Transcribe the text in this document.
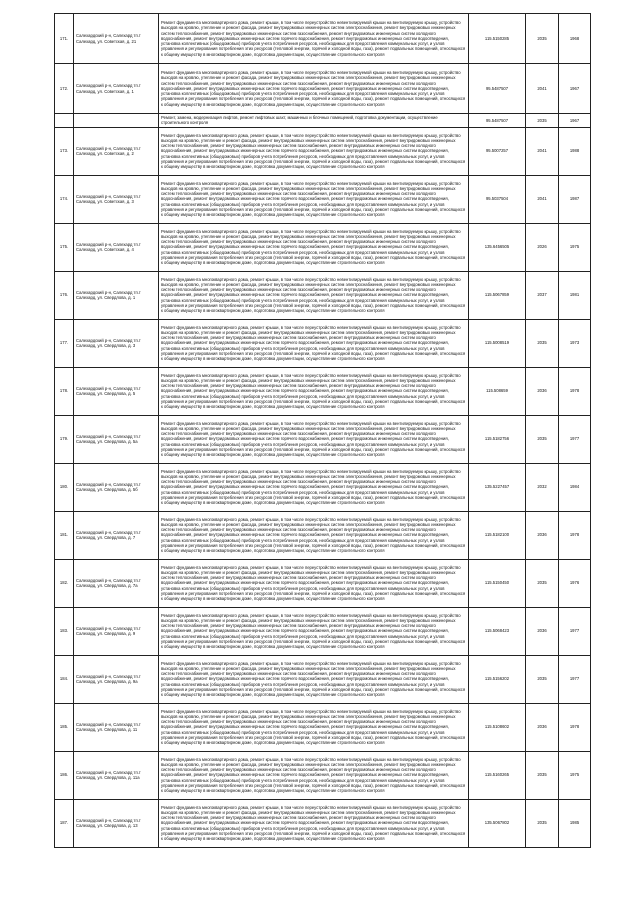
171.	Салехардский р-н, Салехард тп.т Салехард, ул. Советская, д. 21	Ремонт фундамента многоквартирного дома, ремонт крыши, в том числе переустройство невентилируемой крыши на вентилируемую крышу, устройство выходов на кровлю, утепление и ремонт фасада, ремонт внутридомовых инженерных систем электроснабжения, ремонт внутридомовых инженерных систем теплоснабжения, ремонт внутридомовых инженерных систем газоснабжения, ремонт внутридомовых инженерных систем холодного водоснабжения, ремонт внутридомовых инженерных систем горячего водоснабжения, ремонт внутридомовых инженерных систем водоотведения, установка коллективных (общедомовых) приборов учета потребления ресурсов, необходимых для предоставления коммунальных услуг, и узлов управления и регулирования потребления этих ресурсов (тепловой энергии, горячей и холодной воды, газа), ремонт подвальных помещений, относящихся к общему имуществу в многоквартирном доме, подготовка документации, осуществление строительного контроля	115.5150285	2035	1968
172.	Салехардский р-н, Салехард тп.т Салехард, ул. Советская, д. 1	Ремонт фундамента многоквартирного дома, ремонт крыши, в том числе переустройство невентилируемой крыши на вентилируемую крышу, устройство выходов на кровлю, утепление и ремонт фасада, ремонт внутридомовых инженерных систем электроснабжения, ремонт внутридомовых инженерных систем теплоснабжения, ремонт внутридомовых инженерных систем газоснабжения, ремонт внутридомовых инженерных систем холодного водоснабжения, ремонт внутридомовых инженерных систем горячего водоснабжения, ремонт внутридомовых инженерных систем водоотведения, установка коллективных (общедомовых) приборов учета потребления ресурсов, необходимых для предоставления коммунальных услуг, и узлов управления и регулирования потребления этих ресурсов (тепловой энергии, горячей и холодной воды, газа), ремонт подвальных помещений, относящихся к общему имуществу в многоквартирном доме, подготовка документации, осуществление строительного контроля	95.5487507	2041	1967
		Ремонт, замена, модернизация лифтов, ремонт лифтовых шахт, машинных и блочных помещений, подготовка документации, осуществление строительного контроля	95.5487507	2035	1967
173.	Салехардский р-н, Салехард тп.т Салехард, ул. Советская, д. 2	Ремонт фундамента многоквартирного дома, ремонт крыши, в том числе переустройство невентилируемой крыши на вентилируемую крышу, устройство выходов на кровлю, утепление и ремонт фасада, ремонт внутридомовых инженерных систем электроснабжения, ремонт внутридомовых инженерных систем теплоснабжения, ремонт внутридомовых инженерных систем газоснабжения, ремонт внутридомовых инженерных систем холодного водоснабжения, ремонт внутридомовых инженерных систем горячего водоснабжения, ремонт внутридомовых инженерных систем водоотведения, установка коллективных (общедомовых) приборов учета потребления ресурсов, необходимых для предоставления коммунальных услуг, и узлов управления и регулирования потребления этих ресурсов (тепловой энергии, горячей и холодной воды, газа), ремонт подвальных помещений, относящихся к общему имуществу в многоквартирном доме, подготовка документации, осуществление строительного контроля	95.5007257	2041	1988
174.	Салехардский р-н, Салехард тп.т Салехард, ул. Советская, д. 3	Ремонт фундамента многоквартирного дома, ремонт крыши, в том числе переустройство невентилируемой крыши на вентилируемую крышу, устройство выходов на кровлю, утепление и ремонт фасада, ремонт внутридомовых инженерных систем электроснабжения, ремонт внутридомовых инженерных систем теплоснабжения, ремонт внутридомовых инженерных систем газоснабжения, ремонт внутридомовых инженерных систем холодного водоснабжения, ремонт внутридомовых инженерных систем горячего водоснабжения, ремонт внутридомовых инженерных систем водоотведения, установка коллективных (общедомовых) приборов учета потребления ресурсов, необходимых для предоставления коммунальных услуг, и узлов управления и регулирования потребления этих ресурсов (тепловой энергии, горячей и холодной воды, газа), ремонт подвальных помещений, относящихся к общему имуществу в многоквартирном доме, подготовка документации, осуществление строительного контроля	95.5037504	2041	1987
175.	Салехардский р-н, Салехард тп.т Салехард, ул. Советская, д. 4	Ремонт фундамента многоквартирного дома, ремонт крыши, в том числе переустройство невентилируемой крыши на вентилируемую крышу, устройство выходов на кровлю, утепление и ремонт фасада, ремонт внутридомовых инженерных систем электроснабжения, ремонт внутридомовых инженерных систем теплоснабжения, ремонт внутридомовых инженерных систем газоснабжения, ремонт внутридомовых инженерных систем холодного водоснабжения, ремонт внутридомовых инженерных систем горячего водоснабжения, ремонт внутридомовых инженерных систем водоотведения, установка коллективных (общедомовых) приборов учета потребления ресурсов, необходимых для предоставления коммунальных услуг, и узлов управления и регулирования потребления этих ресурсов (тепловой энергии, горячей и холодной воды, газа), ремонт подвальных помещений, относящихся к общему имуществу в многоквартирном доме, подготовка документации, осуществление строительного контроля	135.6456505	2026	1975
176.	Салехардский р-н, Салехард тп.т Салехард, ул. Свердлова, д. 1	Ремонт фундамента многоквартирного дома, ремонт крыши, в том числе переустройство невентилируемой крыши на вентилируемую крышу, устройство выходов на кровлю, утепление и ремонт фасада, ремонт внутридомовых инженерных систем электроснабжения, ремонт внутридомовых инженерных систем теплоснабжения, ремонт внутридомовых инженерных систем газоснабжения, ремонт внутридомовых инженерных систем холодного водоснабжения, ремонт внутридомовых инженерных систем горячего водоснабжения, ремонт внутридомовых инженерных систем водоотведения, установка коллективных (общедомовых) приборов учета потребления ресурсов, необходимых для предоставления коммунальных услуг, и узлов управления и регулирования потребления этих ресурсов (тепловой энергии, горячей и холодной воды, газа), ремонт подвальных помещений, относящихся к общему имуществу в многоквартирном доме, подготовка документации, осуществление строительного контроля	115.5067859	2037	1981
177.	Салехардский р-н, Салехард тп.т Салехард, ул. Свердлова, д. 3	Ремонт фундамента многоквартирного дома, ремонт крыши, в том числе переустройство невентилируемой крыши на вентилируемую крышу, устройство выходов на кровлю, утепление и ремонт фасада, ремонт внутридомовых инженерных систем электроснабжения, ремонт внутридомовых инженерных систем теплоснабжения, ремонт внутридомовых инженерных систем газоснабжения, ремонт внутридомовых инженерных систем холодного водоснабжения, ремонт внутридомовых инженерных систем горячего водоснабжения, ремонт внутридомовых инженерных систем водоотведения, установка коллективных (общедомовых) приборов учета потребления ресурсов, необходимых для предоставления коммунальных услуг, и узлов управления и регулирования потребления этих ресурсов (тепловой энергии, горячей и холодной воды, газа), ремонт подвальных помещений, относящихся к общему имуществу в многоквартирном доме, подготовка документации, осуществление строительного контроля	115.5008519	2035	1973
178.	Салехардский р-н, Салехард тп.т Салехард, ул. Свердлова, д. 5	Ремонт фундамента многоквартирного дома, ремонт крыши, в том числе переустройство невентилируемой крыши на вентилируемую крышу, устройство выходов на кровлю, утепление и ремонт фасада, ремонт внутридомовых инженерных систем электроснабжения, ремонт внутридомовых инженерных систем теплоснабжения, ремонт внутридомовых инженерных систем газоснабжения, ремонт внутридомовых инженерных систем холодного водоснабжения, ремонт внутридомовых инженерных систем горячего водоснабжения, ремонт внутридомовых инженерных систем водоотведения, установка коллективных (общедомовых) приборов учета потребления ресурсов, необходимых для предоставления коммунальных услуг, и узлов управления и регулирования потребления этих ресурсов (тепловой энергии, горячей и холодной воды, газа), ремонт подвальных помещений, относящихся к общему имуществу в многоквартирном доме, подготовка документации, осуществление строительного контроля	115.508659	2036	1978
179.	Салехардский р-н, Салехард тп.т Салехард, ул. Свердлова, д. 5а	Ремонт фундамента многоквартирного дома, ремонт крыши, в том числе переустройство невентилируемой крыши на вентилируемую крышу, устройство выходов на кровлю, утепление и ремонт фасада, ремонт внутридомовых инженерных систем электроснабжения, ремонт внутридомовых инженерных систем теплоснабжения, ремонт внутридомовых инженерных систем газоснабжения, ремонт внутридомовых инженерных систем холодного водоснабжения, ремонт внутридомовых инженерных систем горячего водоснабжения, ремонт внутридомовых инженерных систем водоотведения, установка коллективных (общедомовых) приборов учета потребления ресурсов, необходимых для предоставления коммунальных услуг, и узлов управления и регулирования потребления этих ресурсов (тепловой энергии, горячей и холодной воды, газа), ремонт подвальных помещений, относящихся к общему имуществу в многоквартирном доме, подготовка документации, осуществление строительного контроля	115.5182756	2035	1977
180.	Салехардский р-н, Салехард тп.т Салехард, ул. Свердлова, д. 5б	Ремонт фундамента многоквартирного дома, ремонт крыши, в том числе переустройство невентилируемой крыши на вентилируемую крышу, устройство выходов на кровлю, утепление и ремонт фасада, ремонт внутридомовых инженерных систем электроснабжения, ремонт внутридомовых инженерных систем теплоснабжения, ремонт внутридомовых инженерных систем газоснабжения, ремонт внутридомовых инженерных систем холодного водоснабжения, ремонт внутридомовых инженерных систем горячего водоснабжения, ремонт внутридомовых инженерных систем водоотведения, установка коллективных (общедомовых) приборов учета потребления ресурсов, необходимых для предоставления коммунальных услуг, и узлов управления и регулирования потребления этих ресурсов (тепловой энергии, горячей и холодной воды, газа), ремонт подвальных помещений, относящихся к общему имуществу в многоквартирном доме, подготовка документации, осуществление строительного контроля	135.5227457	2032	1984
181.	Салехардский р-н, Салехард тп.т Салехард, ул. Свердлова, д. 7	Ремонт фундамента многоквартирного дома, ремонт крыши, в том числе переустройство невентилируемой крыши на вентилируемую крышу, устройство выходов на кровлю, утепление и ремонт фасада, ремонт внутридомовых инженерных систем электроснабжения, ремонт внутридомовых инженерных систем теплоснабжения, ремонт внутридомовых инженерных систем газоснабжения, ремонт внутридомовых инженерных систем холодного водоснабжения, ремонт внутридомовых инженерных систем горячего водоснабжения, ремонт внутридомовых инженерных систем водоотведения, установка коллективных (общедомовых) приборов учета потребления ресурсов, необходимых для предоставления коммунальных услуг, и узлов управления и регулирования потребления этих ресурсов (тепловой энергии, горячей и холодной воды, газа), ремонт подвальных помещений, относящихся к общему имуществу в многоквартирном доме, подготовка документации, осуществление строительного контроля	115.5182100	2036	1978
182.	Салехардский р-н, Салехард тп.т Салехард, ул. Свердлова, д. 7а	Ремонт фундамента многоквартирного дома, ремонт крыши, в том числе переустройство невентилируемой крыши на вентилируемую крышу, устройство выходов на кровлю, утепление и ремонт фасада, ремонт внутридомовых инженерных систем электроснабжения, ремонт внутридомовых инженерных систем теплоснабжения, ремонт внутридомовых инженерных систем газоснабжения, ремонт внутридомовых инженерных систем холодного водоснабжения, ремонт внутридомовых инженерных систем горячего водоснабжения, ремонт внутридомовых инженерных систем водоотведения, установка коллективных (общедомовых) приборов учета потребления ресурсов, необходимых для предоставления коммунальных услуг, и узлов управления и регулирования потребления этих ресурсов (тепловой энергии, горячей и холодной воды, газа), ремонт подвальных помещений, относящихся к общему имуществу в многоквартирном доме, подготовка документации, осуществление строительного контроля	115.5150450	2035	1976
183.	Салехардский р-н, Салехард тп.т Салехард, ул. Свердлова, д. 9	Ремонт фундамента многоквартирного дома, ремонт крыши, в том числе переустройство невентилируемой крыши на вентилируемую крышу, устройство выходов на кровлю, утепление и ремонт фасада, ремонт внутридомовых инженерных систем электроснабжения, ремонт внутридомовых инженерных систем теплоснабжения, ремонт внутридомовых инженерных систем газоснабжения, ремонт внутридомовых инженерных систем холодного водоснабжения, ремонт внутридомовых инженерных систем горячего водоснабжения, ремонт внутридомовых инженерных систем водоотведения, установка коллективных (общедомовых) приборов учета потребления ресурсов, необходимых для предоставления коммунальных услуг, и узлов управления и регулирования потребления этих ресурсов (тепловой энергии, горячей и холодной воды, газа), ремонт подвальных помещений, относящихся к общему имуществу в многоквартирном доме, подготовка документации, осуществление строительного контроля	115.5068423	2036	1977
184.	Салехардский р-н, Салехард тп.т Салехард, ул. Свердлова, д. 9а	Ремонт фундамента многоквартирного дома, ремонт крыши, в том числе переустройство невентилируемой крыши на вентилируемую крышу, устройство выходов на кровлю, утепление и ремонт фасада, ремонт внутридомовых инженерных систем электроснабжения, ремонт внутридомовых инженерных систем теплоснабжения, ремонт внутридомовых инженерных систем газоснабжения, ремонт внутридомовых инженерных систем холодного водоснабжения, ремонт внутридомовых инженерных систем горячего водоснабжения, ремонт внутридомовых инженерных систем водоотведения, установка коллективных (общедомовых) приборов учета потребления ресурсов, необходимых для предоставления коммунальных услуг, и узлов управления и регулирования потребления этих ресурсов (тепловой энергии, горячей и холодной воды, газа), ремонт подвальных помещений, относящихся к общему имуществу в многоквартирном доме, подготовка документации, осуществление строительного контроля	115.5156202	2035	1977
185.	Салехардский р-н, Салехард тп.т Салехард, ул. Свердлова, д. 11	Ремонт фундамента многоквартирного дома, ремонт крыши, в том числе переустройство невентилируемой крыши на вентилируемую крышу, устройство выходов на кровлю, утепление и ремонт фасада, ремонт внутридомовых инженерных систем электроснабжения, ремонт внутридомовых инженерных систем теплоснабжения, ремонт внутридомовых инженерных систем газоснабжения, ремонт внутридомовых инженерных систем холодного водоснабжения, ремонт внутридомовых инженерных систем горячего водоснабжения, ремонт внутридомовых инженерных систем водоотведения, установка коллективных (общедомовых) приборов учета потребления ресурсов, необходимых для предоставления коммунальных услуг, и узлов управления и регулирования потребления этих ресурсов (тепловой энергии, горячей и холодной воды, газа), ремонт подвальных помещений, относящихся к общему имуществу в многоквартирном доме, подготовка документации, осуществление строительного контроля	115.5108602	2036	1978
186.	Салехардский р-н, Салехард тп.т Салехард, ул. Свердлова, д. 11а	Ремонт фундамента многоквартирного дома, ремонт крыши, в том числе переустройство невентилируемой крыши на вентилируемую крышу, устройство выходов на кровлю, утепление и ремонт фасада, ремонт внутридомовых инженерных систем электроснабжения, ремонт внутридомовых инженерных систем теплоснабжения, ремонт внутридомовых инженерных систем газоснабжения, ремонт внутридомовых инженерных систем холодного водоснабжения, ремонт внутридомовых инженерных систем горячего водоснабжения, ремонт внутридомовых инженерных систем водоотведения, установка коллективных (общедомовых) приборов учета потребления ресурсов, необходимых для предоставления коммунальных услуг, и узлов управления и регулирования потребления этих ресурсов (тепловой энергии, горячей и холодной воды, газа), ремонт подвальных помещений, относящихся к общему имуществу в многоквартирном доме, подготовка документации, осуществление строительного контроля	115.5160265	2035	1975
187.	Салехардский р-н, Салехард тп.т Салехард, ул. Свердлова, д. 13	Ремонт фундамента многоквартирного дома, ремонт крыши, в том числе переустройство невентилируемой крыши на вентилируемую крышу, устройство выходов на кровлю, утепление и ремонт фасада, ремонт внутридомовых инженерных систем электроснабжения, ремонт внутридомовых инженерных систем теплоснабжения, ремонт внутридомовых инженерных систем газоснабжения, ремонт внутридомовых инженерных систем холодного водоснабжения, ремонт внутридомовых инженерных систем горячего водоснабжения, ремонт внутридомовых инженерных систем водоотведения, установка коллективных (общедомовых) приборов учета потребления ресурсов, необходимых для предоставления коммунальных услуг, и узлов управления и регулирования потребления этих ресурсов (тепловой энергии, горячей и холодной воды, газа), ремонт подвальных помещений, относящихся к общему имуществу в многоквартирном доме, подготовка документации, осуществление строительного контроля	135.5067802	2035	1985
